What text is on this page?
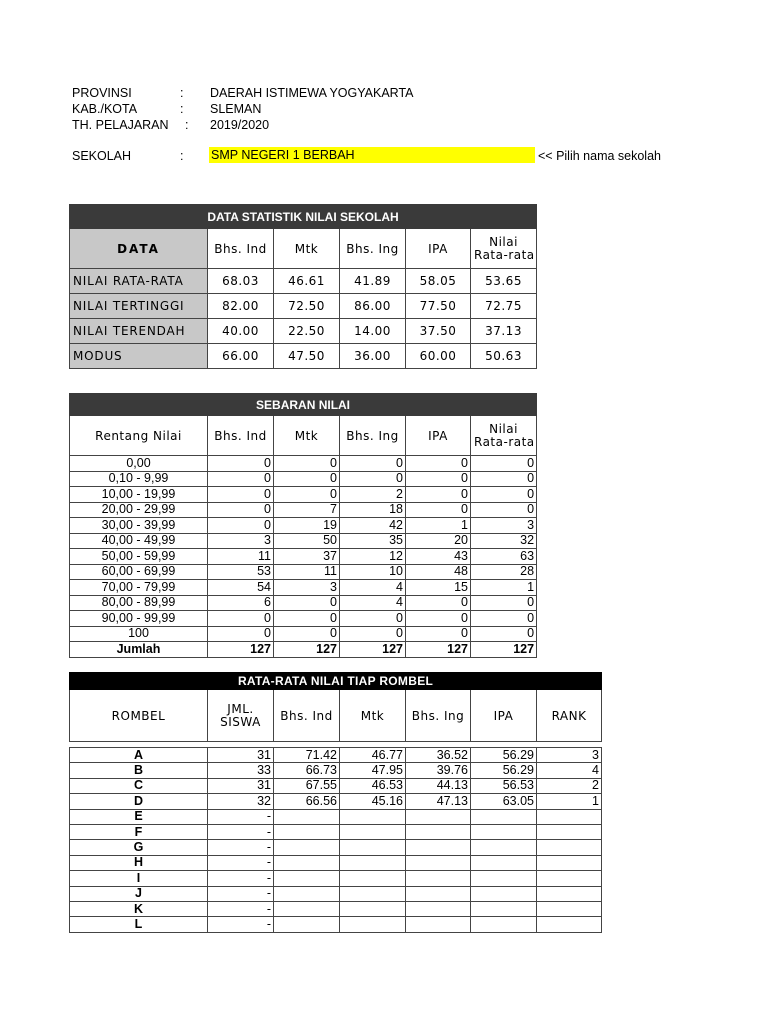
PROVINSI	: DAERAH ISTIMEWA YOGYAKARTA
KAB./KOTA	: SLEMAN
TH. PELAJARAN : 2019/2020
SEKOLAH	: SMP NEGERI 1 BERBAH	<< Pilih nama sekolah
DATA STATISTIK NILAI SEKOLAH					
DATA	Bhs. Ind	Mtk	Bhs. Ing	IPA	Nilai
Rata-rata

NILAI RATA-RATA	68.03	46.61	41.89	58.05	53.65
NILAI TERTINGGI	82.00	72.50	86.00	77.50	72.75
NILAI TERENDAH	40.00	22.50	14.00	37.50	37.13
MODUS	66.00	47.50	36.00	60.00	50.63
SEBARAN NILAI					
Rentang Nilai	Bhs. Ind	Mtk	Bhs. Ing	IPA	Nilai
Rata-rata

0,00	0	0	0	0	0
0,10 - 9,99	0	0	0	0	0
10,00 - 19,99	0	0	2	0	0
20,00 - 29,99	0	7	18	0	0
30,00 - 39,99	0	19	42	1	3
40,00 - 49,99	3	50	35	20	32
50,00 - 59,99	11	37	12	43	63
60,00 - 69,99	53	11	10	48	28
70,00 - 79,99	54	3	4	15	1
80,00 - 89,99	6	0	4	0	0
90,00 - 99,99	0	0	0	0	0
100	0	0	0	0	0
Jumlah	127	127	127	127	127
RATA-RATA NILAI TIAP ROMBEL
ROMBEL	JML.
SISWA	Bhs. Ind	Mtk	Bhs. Ing	IPA	RANK
A	31	71.42	46.77	36.52	56.29	3
B	33	66.73	47.95	39.76	56.29	4
C	31	67.55	46.53	44.13	56.53	2
D	32	66.56	45.16	47.13	63.05	1
E	-					
F	-					
G	-					
H	-					
I	-					
J	-					
K	-					
L	-					
